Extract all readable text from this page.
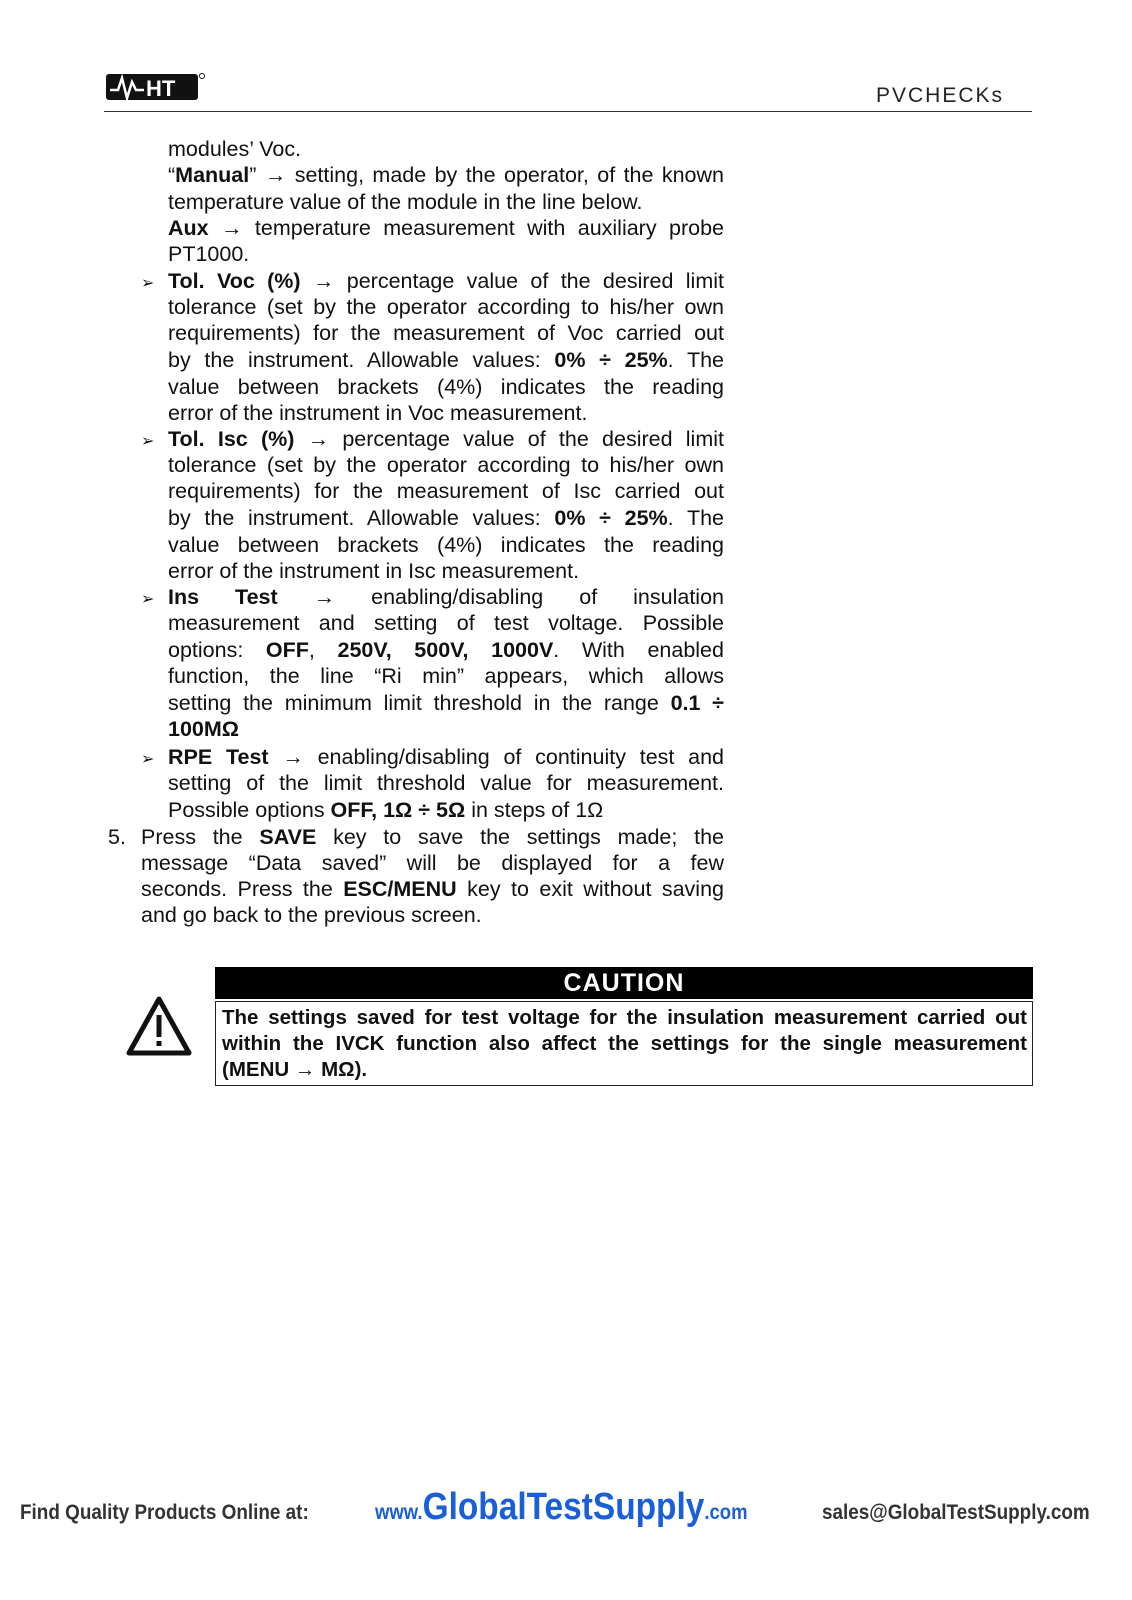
HT	PVCHECKs
modules’ Voc.
“Manual” → setting, made by the operator, of the known
temperature value of the module in the line below.
Aux → temperature measurement with auxiliary probe
PT1000.
➢ Tol. Voc (%) → percentage value of the desired limit
tolerance (set by the operator according to his/her own
requirements) for the measurement of Voc carried out
by the instrument. Allowable values: 0% ÷ 25%. The
value between brackets (4%) indicates the reading
error of the instrument in Voc measurement.
➢ Tol. Isc (%) → percentage value of the desired limit
tolerance (set by the operator according to his/her own
requirements) for the measurement of Isc carried out
by the instrument. Allowable values: 0% ÷ 25%. The
value between brackets (4%) indicates the reading
error of the instrument in Isc measurement.
➢ Ins Test → enabling/disabling of insulation
measurement and setting of test voltage. Possible
options: OFF, 250V, 500V, 1000V. With enabled
function, the line “Ri min” appears, which allows
setting the minimum limit threshold in the range 0.1 ÷
100MΩ
➢ RPE Test → enabling/disabling of continuity test and
setting of the limit threshold value for measurement.
Possible options OFF, 1Ω ÷ 5Ω in steps of 1Ω
5. Press the SAVE key to save the settings made; the
message “Data saved” will be displayed for a few
seconds. Press the ESC/MENU key to exit without saving
and go back to the previous screen.
CAUTION
The settings saved for test voltage for the insulation measurement carried out
within the IVCK function also affect the settings for the single measurement
(MENU → MΩ).
Find Quality Products Online at:	www.GlobalTestSupply.com	sales@GlobalTestSupply.com
